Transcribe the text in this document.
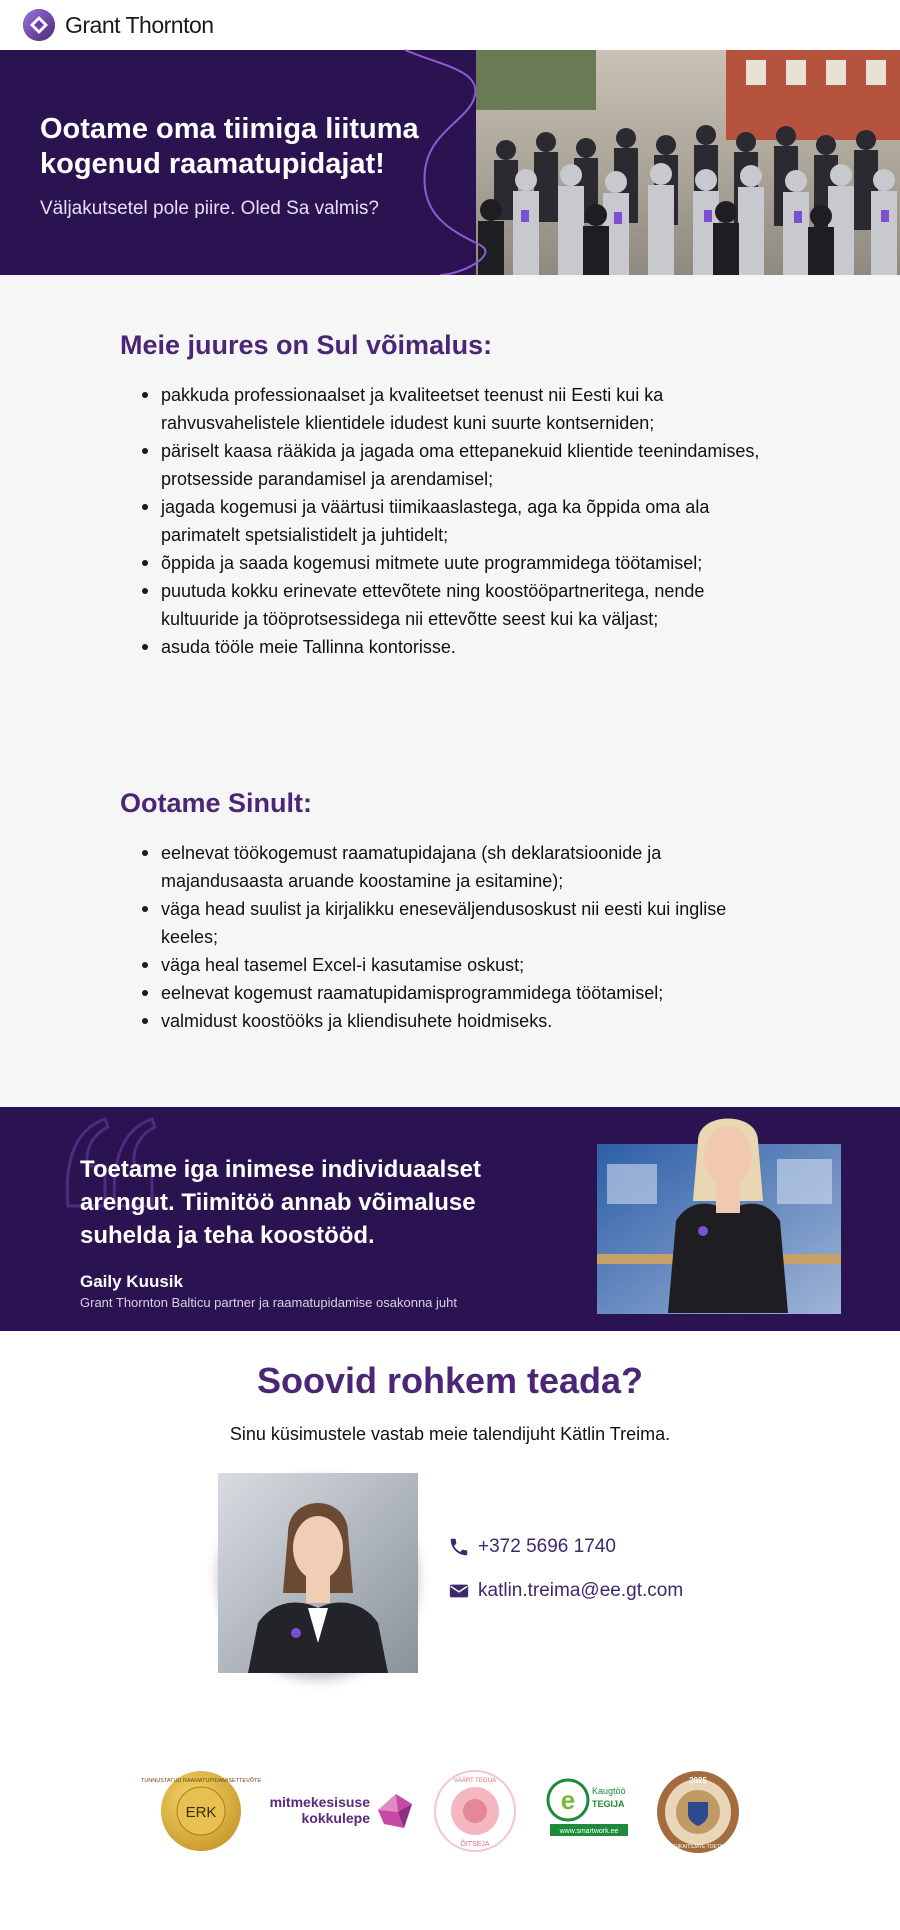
Grant Thornton
Ootame oma tiimiga liituma kogenud raamatupidajat!
Väljakutsetel pole piire. Oled Sa valmis?
Meie juures on Sul võimalus:
pakkuda professionaalset ja kvaliteetset teenust nii Eesti kui ka rahvusvahelistele klientidele idudest kuni suurte kontserniden;
päriselt kaasa rääkida ja jagada oma ettepanekuid klientide teenindamises, protsesside parandamisel ja arendamisel;
jagada kogemusi ja väärtusi tiimikaaslastega, aga ka õppida oma ala parimatelt spetsialistidelt ja juhtidelt;
õppida ja saada kogemusi mitmete uute programmidega töötamisel;
puutuda kokku erinevate ettevõtete ning koostööpartneritega, nende kultuuride ja tööprotsessidega nii ettevõtte seest kui ka väljast;
asuda tööle meie Tallinna kontorisse.
Ootame Sinult:
eelnevat töökogemust raamatupidajana (sh deklaratsioonide ja majandusaasta aruande koostamine ja esitamine);
väga head suulist ja kirjalikku eneseväljendusoskust nii eesti kui inglise keeles;
väga heal tasemel Excel-i kasutamise oskust;
eelnevat kogemust raamatupidamisprogrammidega töötamisel;
valmidust koostööks ja kliendisuhete hoidmiseks.
Toetame iga inimese individuaalset arengut. Tiimitöö annab võimaluse suhelda ja teha koostööd.
Gaily Kuusik
Grant Thornton Balticu partner ja raamatupidamise osakonna juht
Soovid rohkem teada?
Sinu küsimustele vastab meie talendijuht Kätlin Treima.
+372 5696 1740
katlin.treima@ee.gt.com
ERK
TUNNUSTATUD RAAMATUPIDAMISETTEVÕTE
mitmekesisuse
kokkulepe
VÄÄRT TEGIJA
ÕITSEJA
e Kaugtöö
TEGIJA
www.smartwork.ee
2025
RIIGIKAITSJATE TOETAJA
